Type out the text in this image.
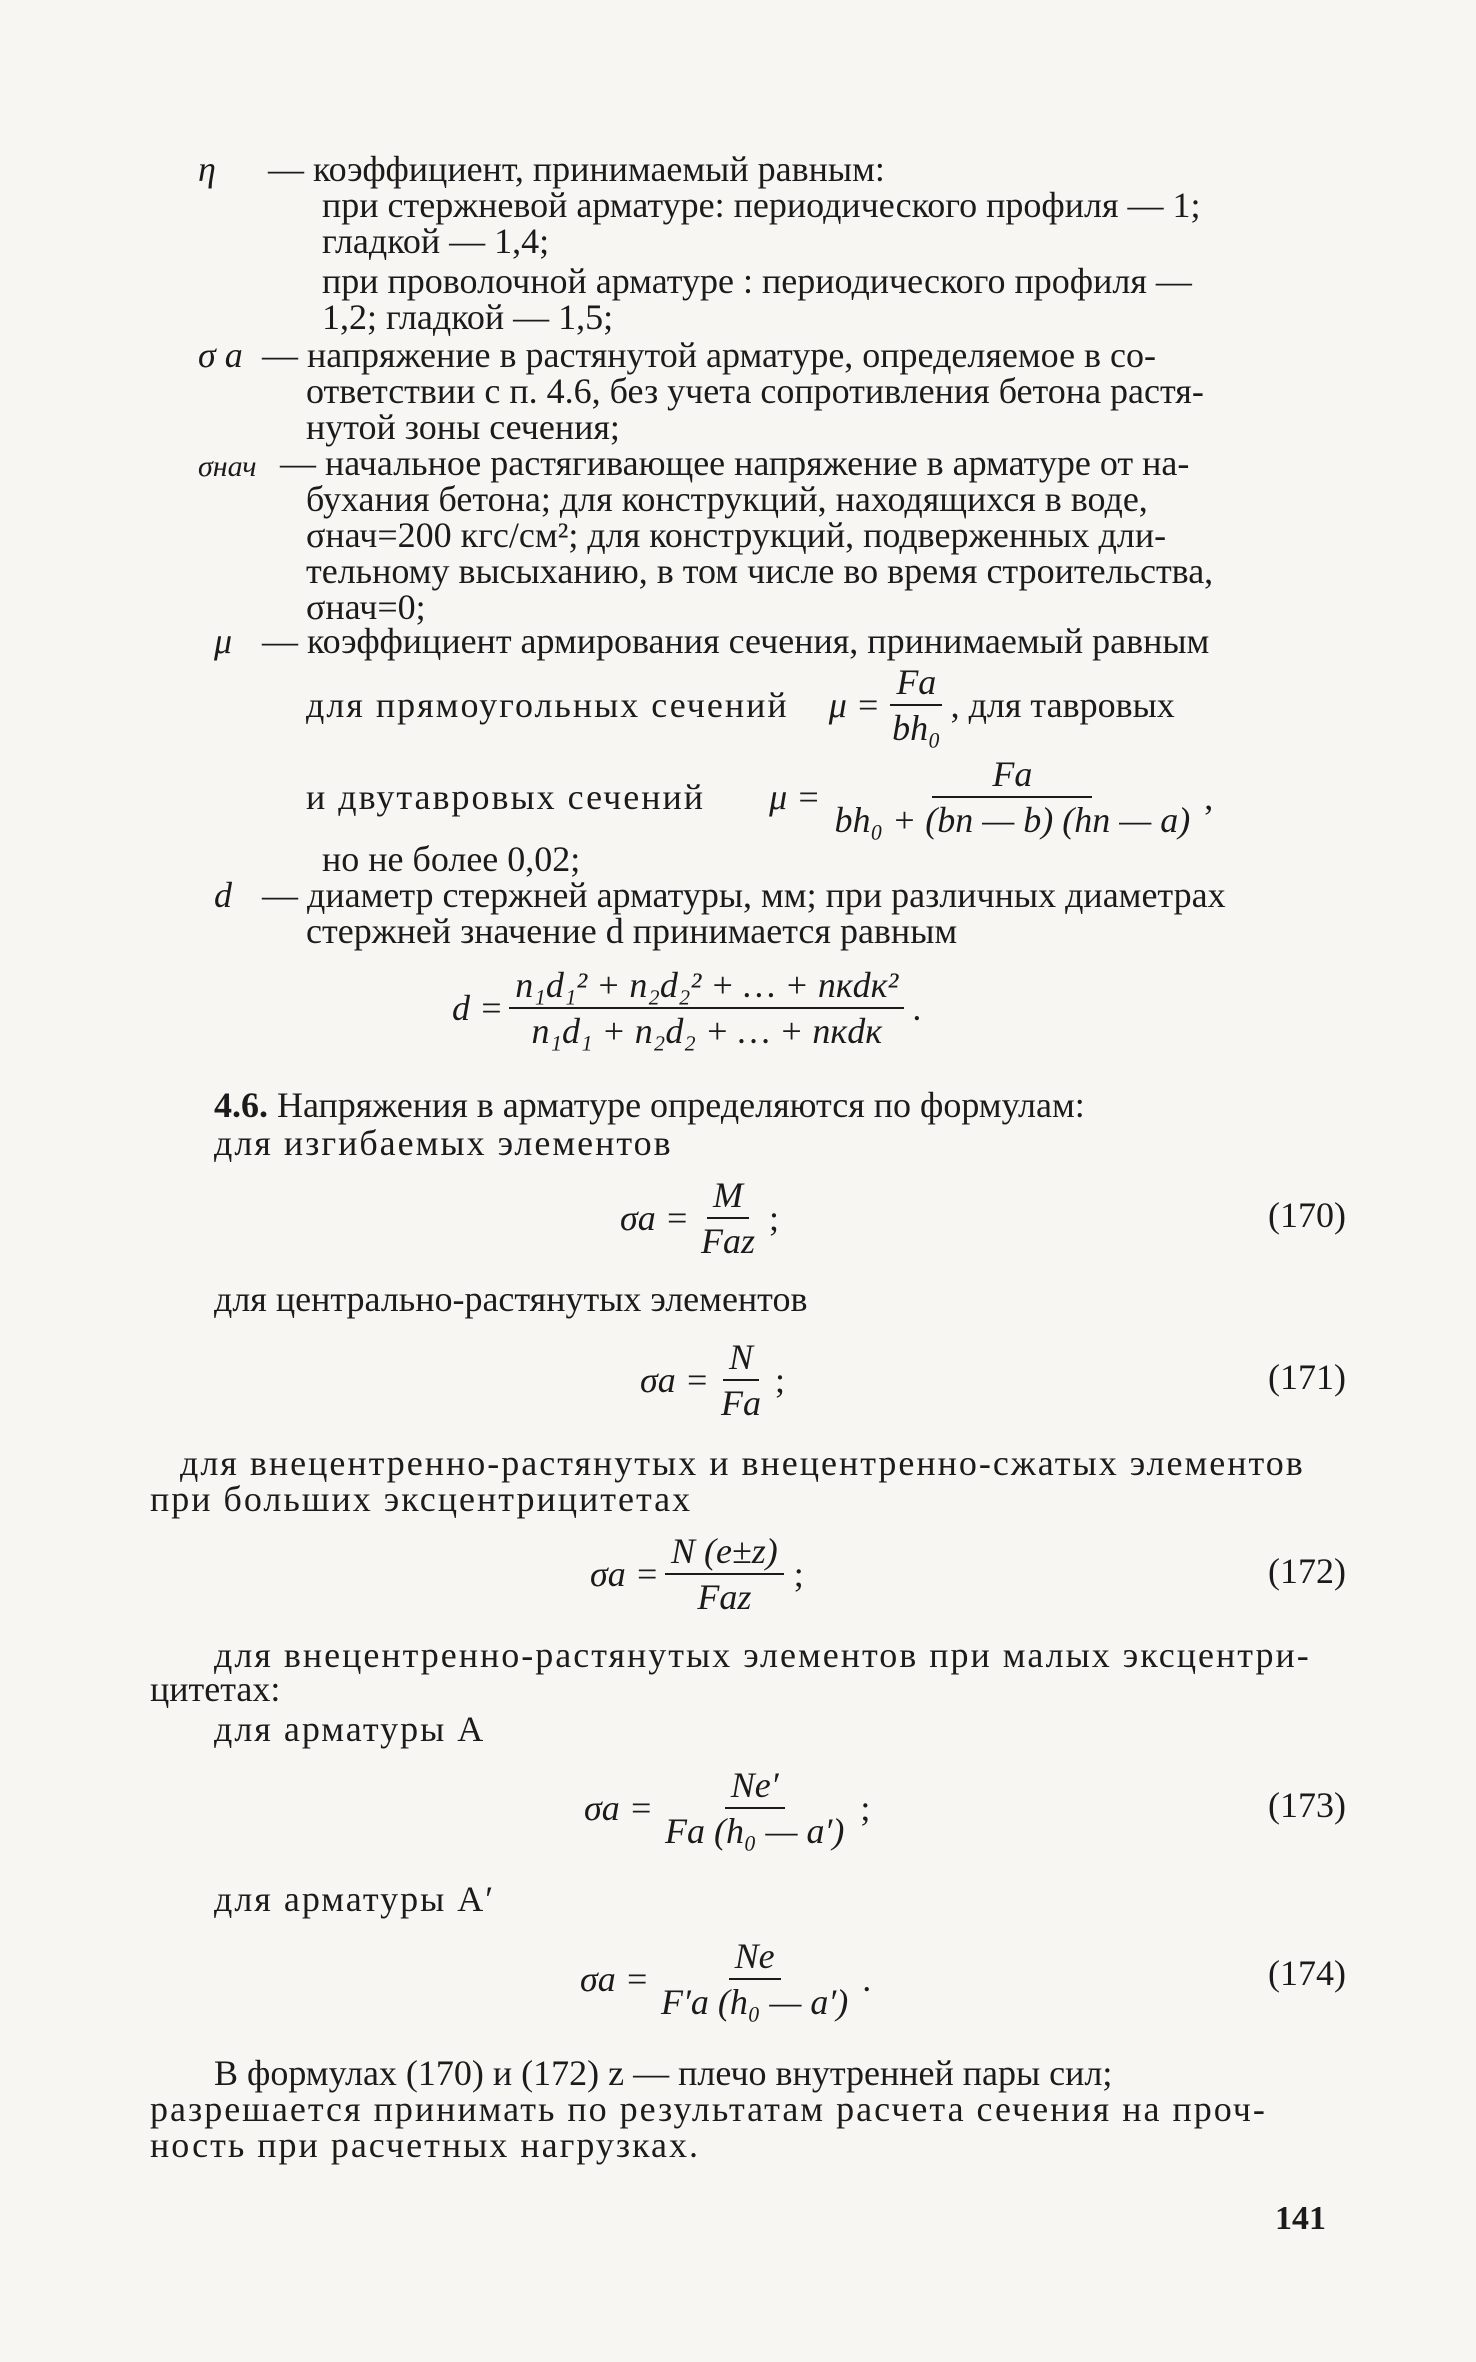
η — коэффициент, принимаемый равным:
при стержневой арматуре: периодического профиля — 1;
гладкой — 1,4;
при проволочной арматуре : периодического профиля —
1,2; гладкой — 1,5;
σ а — напряжение в растянутой арматуре, определяемое в со-
ответствии с п. 4.6, без учета сопротивления бетона растя-
нутой зоны сечения;
σнач — начальное растягивающее напряжение в арматуре от на-
бухания бетона; для конструкций, находящихся в воде,
σнач=200 кгс/см²; для конструкций, подверженных дли-
тельному высыханию, в том числе во время строительства,
σнач=0;
μ — коэффициент армирования сечения, принимаемый равным
для прямоугольных сечений $\mu = \frac{Fа}{\text{bh₀}}$ , для тавровых
и двутавровых сечений $\mu = \frac{Fа}{\text{bh₀ + (bп — b) (hп — a)}}$ ,
но не более 0,02;
d — диаметр стержней арматуры, мм; при различных диаметрах
стержней значение d принимается равным
$d = \frac{\text{n₁d₁² + n₂d₂² + … + nкdк²}}{\text{n₁d₁ + n₂d₂ + … + nкdк}}$ .
4.6. Напряжения в арматуре определяются по формулам:
для изгибаемых элементов
$\sigma а = \frac{M}{\text{Fаz}}$ ;	(170)
для центрально-растянутых элементов
$\sigma а = \frac{N}{Fа}$ ;	(171)
для внецентренно-растянутых и внецентренно-сжатых элементов
при больших эксцентрицитетах
$\sigma а = \frac{N (e\pm z)}{\text{Fаz}}$ ;	(172)
для внецентренно-растянутых элементов при малых эксцентри-
цитетах:
для арматуры A
$\sigma а = \frac{Ne'}{\text{Fа (h₀ — a′)}}$ ;	(173)
для арматуры A′
$\sigma а = \frac{Ne}{\text{F′а (h₀ — a′)}}$ .	(174)
В формулах (170) и (172) z — плечо внутренней пары сил;
разрешается принимать по результатам расчета сечения на проч-
ность при расчетных нагрузках.
141
